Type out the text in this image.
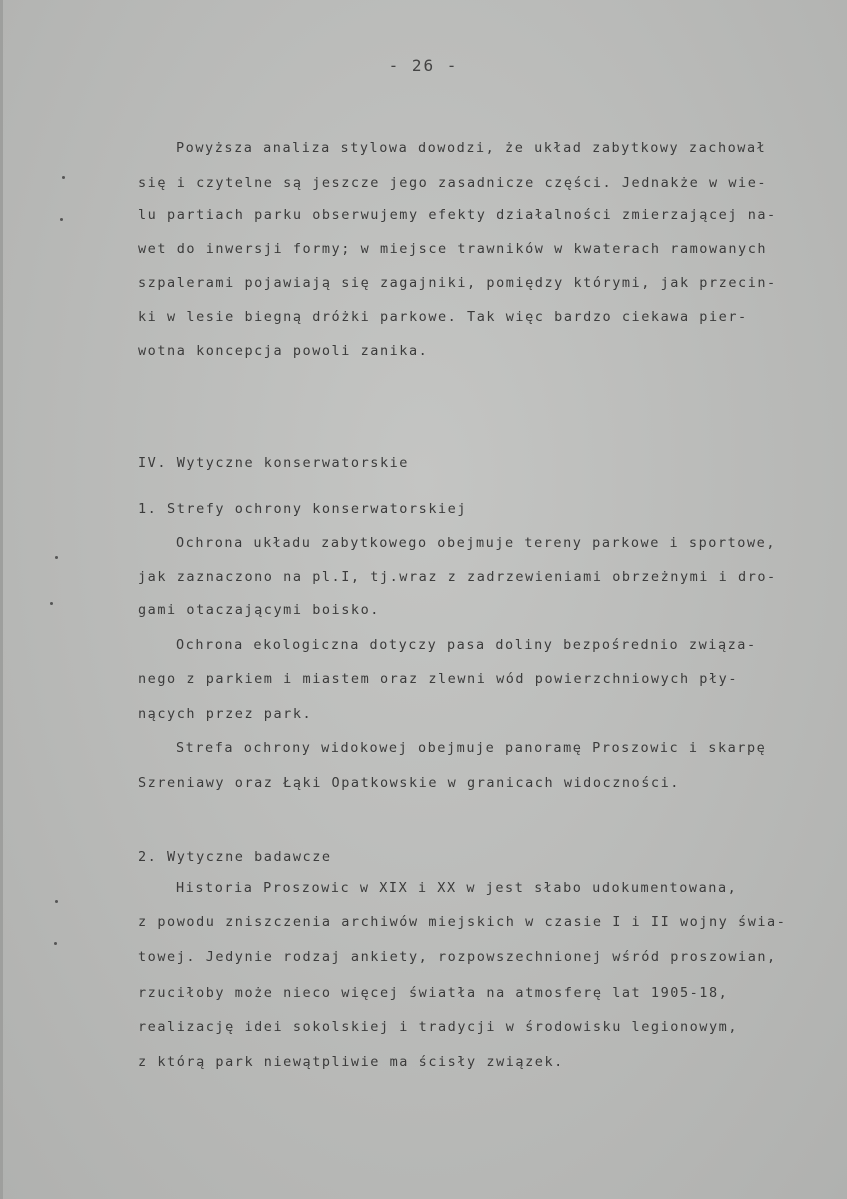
- 26 -
Powyższa analiza stylowa dowodzi, że układ zabytkowy zachował
się i czytelne są jeszcze jego zasadnicze części. Jednakże w wie-
lu partiach parku obserwujemy efekty działalności zmierzającej na-
wet do inwersji formy; w miejsce trawników w kwaterach ramowanych
szpalerami pojawiają się zagajniki, pomiędzy którymi, jak przecin-
ki w lesie biegną dróżki parkowe. Tak więc bardzo ciekawa pier-
wotna koncepcja powoli zanika.
IV. Wytyczne konserwatorskie
1. Strefy ochrony konserwatorskiej
Ochrona układu zabytkowego obejmuje tereny parkowe i sportowe,
jak zaznaczono na pl.I, tj.wraz z zadrzewieniami obrzeżnymi i dro-
gami otaczającymi boisko.
Ochrona ekologiczna dotyczy pasa doliny bezpośrednio związa-
nego z parkiem i miastem oraz zlewni wód powierzchniowych pły-
nących przez park.
Strefa ochrony widokowej obejmuje panoramę Proszowic i skarpę
Szreniawy oraz Łąki Opatkowskie w granicach widoczności.
2. Wytyczne badawcze
Historia Proszowic w XIX i XX w jest słabo udokumentowana,
z powodu zniszczenia archiwów miejskich w czasie I i II wojny świa-
towej. Jedynie rodzaj ankiety, rozpowszechnionej wśród proszowian,
rzuciłoby może nieco więcej światła na atmosferę lat 1905-18,
realizację idei sokolskiej i tradycji w środowisku legionowym,
z którą park niewątpliwie ma ścisły związek.
